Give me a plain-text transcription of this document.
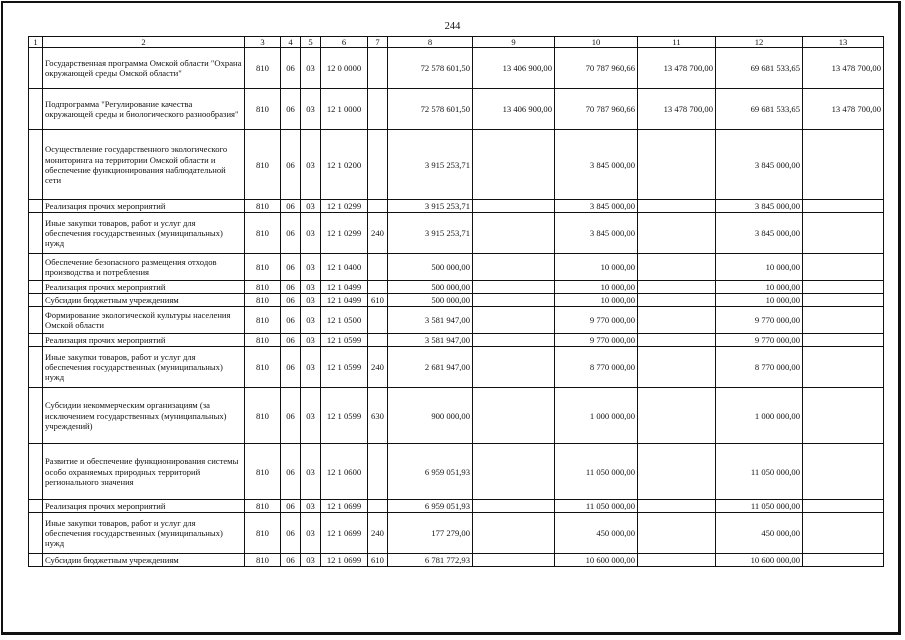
244
1	2	3	4	5	6	7	8	9	10	11	12	13
	Государственная программа Омской области "Охрана окружающей среды Омской области"	810	06	03	12 0 0000		72 578 601,50	13 406 900,00	70 787 960,66	13 478 700,00	69 681 533,65	13 478 700,00
	Подпрограмма "Регулирование качества окружающей среды и биологического разнообразия"	810	06	03	12 1 0000		72 578 601,50	13 406 900,00	70 787 960,66	13 478 700,00	69 681 533,65	13 478 700,00
	Осуществление государственного экологического мониторинга на территории Омской области и обеспечение функционирования наблюдательной сети	810	06	03	12 1 0200		3 915 253,71		3 845 000,00		3 845 000,00	
	Реализация прочих мероприятий	810	06	03	12 1 0299		3 915 253,71		3 845 000,00		3 845 000,00	
	Иные закупки товаров, работ и услуг для обеспечения государственных (муниципальных) нужд	810	06	03	12 1 0299	240	3 915 253,71		3 845 000,00		3 845 000,00	
	Обеспечение безопасного размещения отходов производства и потребления	810	06	03	12 1 0400		500 000,00		10 000,00		10 000,00	
	Реализация прочих мероприятий	810	06	03	12 1 0499		500 000,00		10 000,00		10 000,00	
	Субсидии бюджетным учреждениям	810	06	03	12 1 0499	610	500 000,00		10 000,00		10 000,00	
	Формирование экологической культуры населения Омской области	810	06	03	12 1 0500		3 581 947,00		9 770 000,00		9 770 000,00	
	Реализация прочих мероприятий	810	06	03	12 1 0599		3 581 947,00		9 770 000,00		9 770 000,00	
	Иные закупки товаров, работ и услуг для обеспечения государственных (муниципальных) нужд	810	06	03	12 1 0599	240	2 681 947,00		8 770 000,00		8 770 000,00	
	Субсидии некоммерческим организациям (за исключением государственных (муниципальных) учреждений)	810	06	03	12 1 0599	630	900 000,00		1 000 000,00		1 000 000,00	
	Развитие и обеспечение функционирования системы особо охраняемых природных территорий регионального значения	810	06	03	12 1 0600		6 959 051,93		11 050 000,00		11 050 000,00	
	Реализация прочих мероприятий	810	06	03	12 1 0699		6 959 051,93		11 050 000,00		11 050 000,00	
	Иные закупки товаров, работ и услуг для обеспечения государственных (муниципальных) нужд	810	06	03	12 1 0699	240	177 279,00		450 000,00		450 000,00	
	Субсидии бюджетным учреждениям	810	06	03	12 1 0699	610	6 781 772,93		10 600 000,00		10 600 000,00	
